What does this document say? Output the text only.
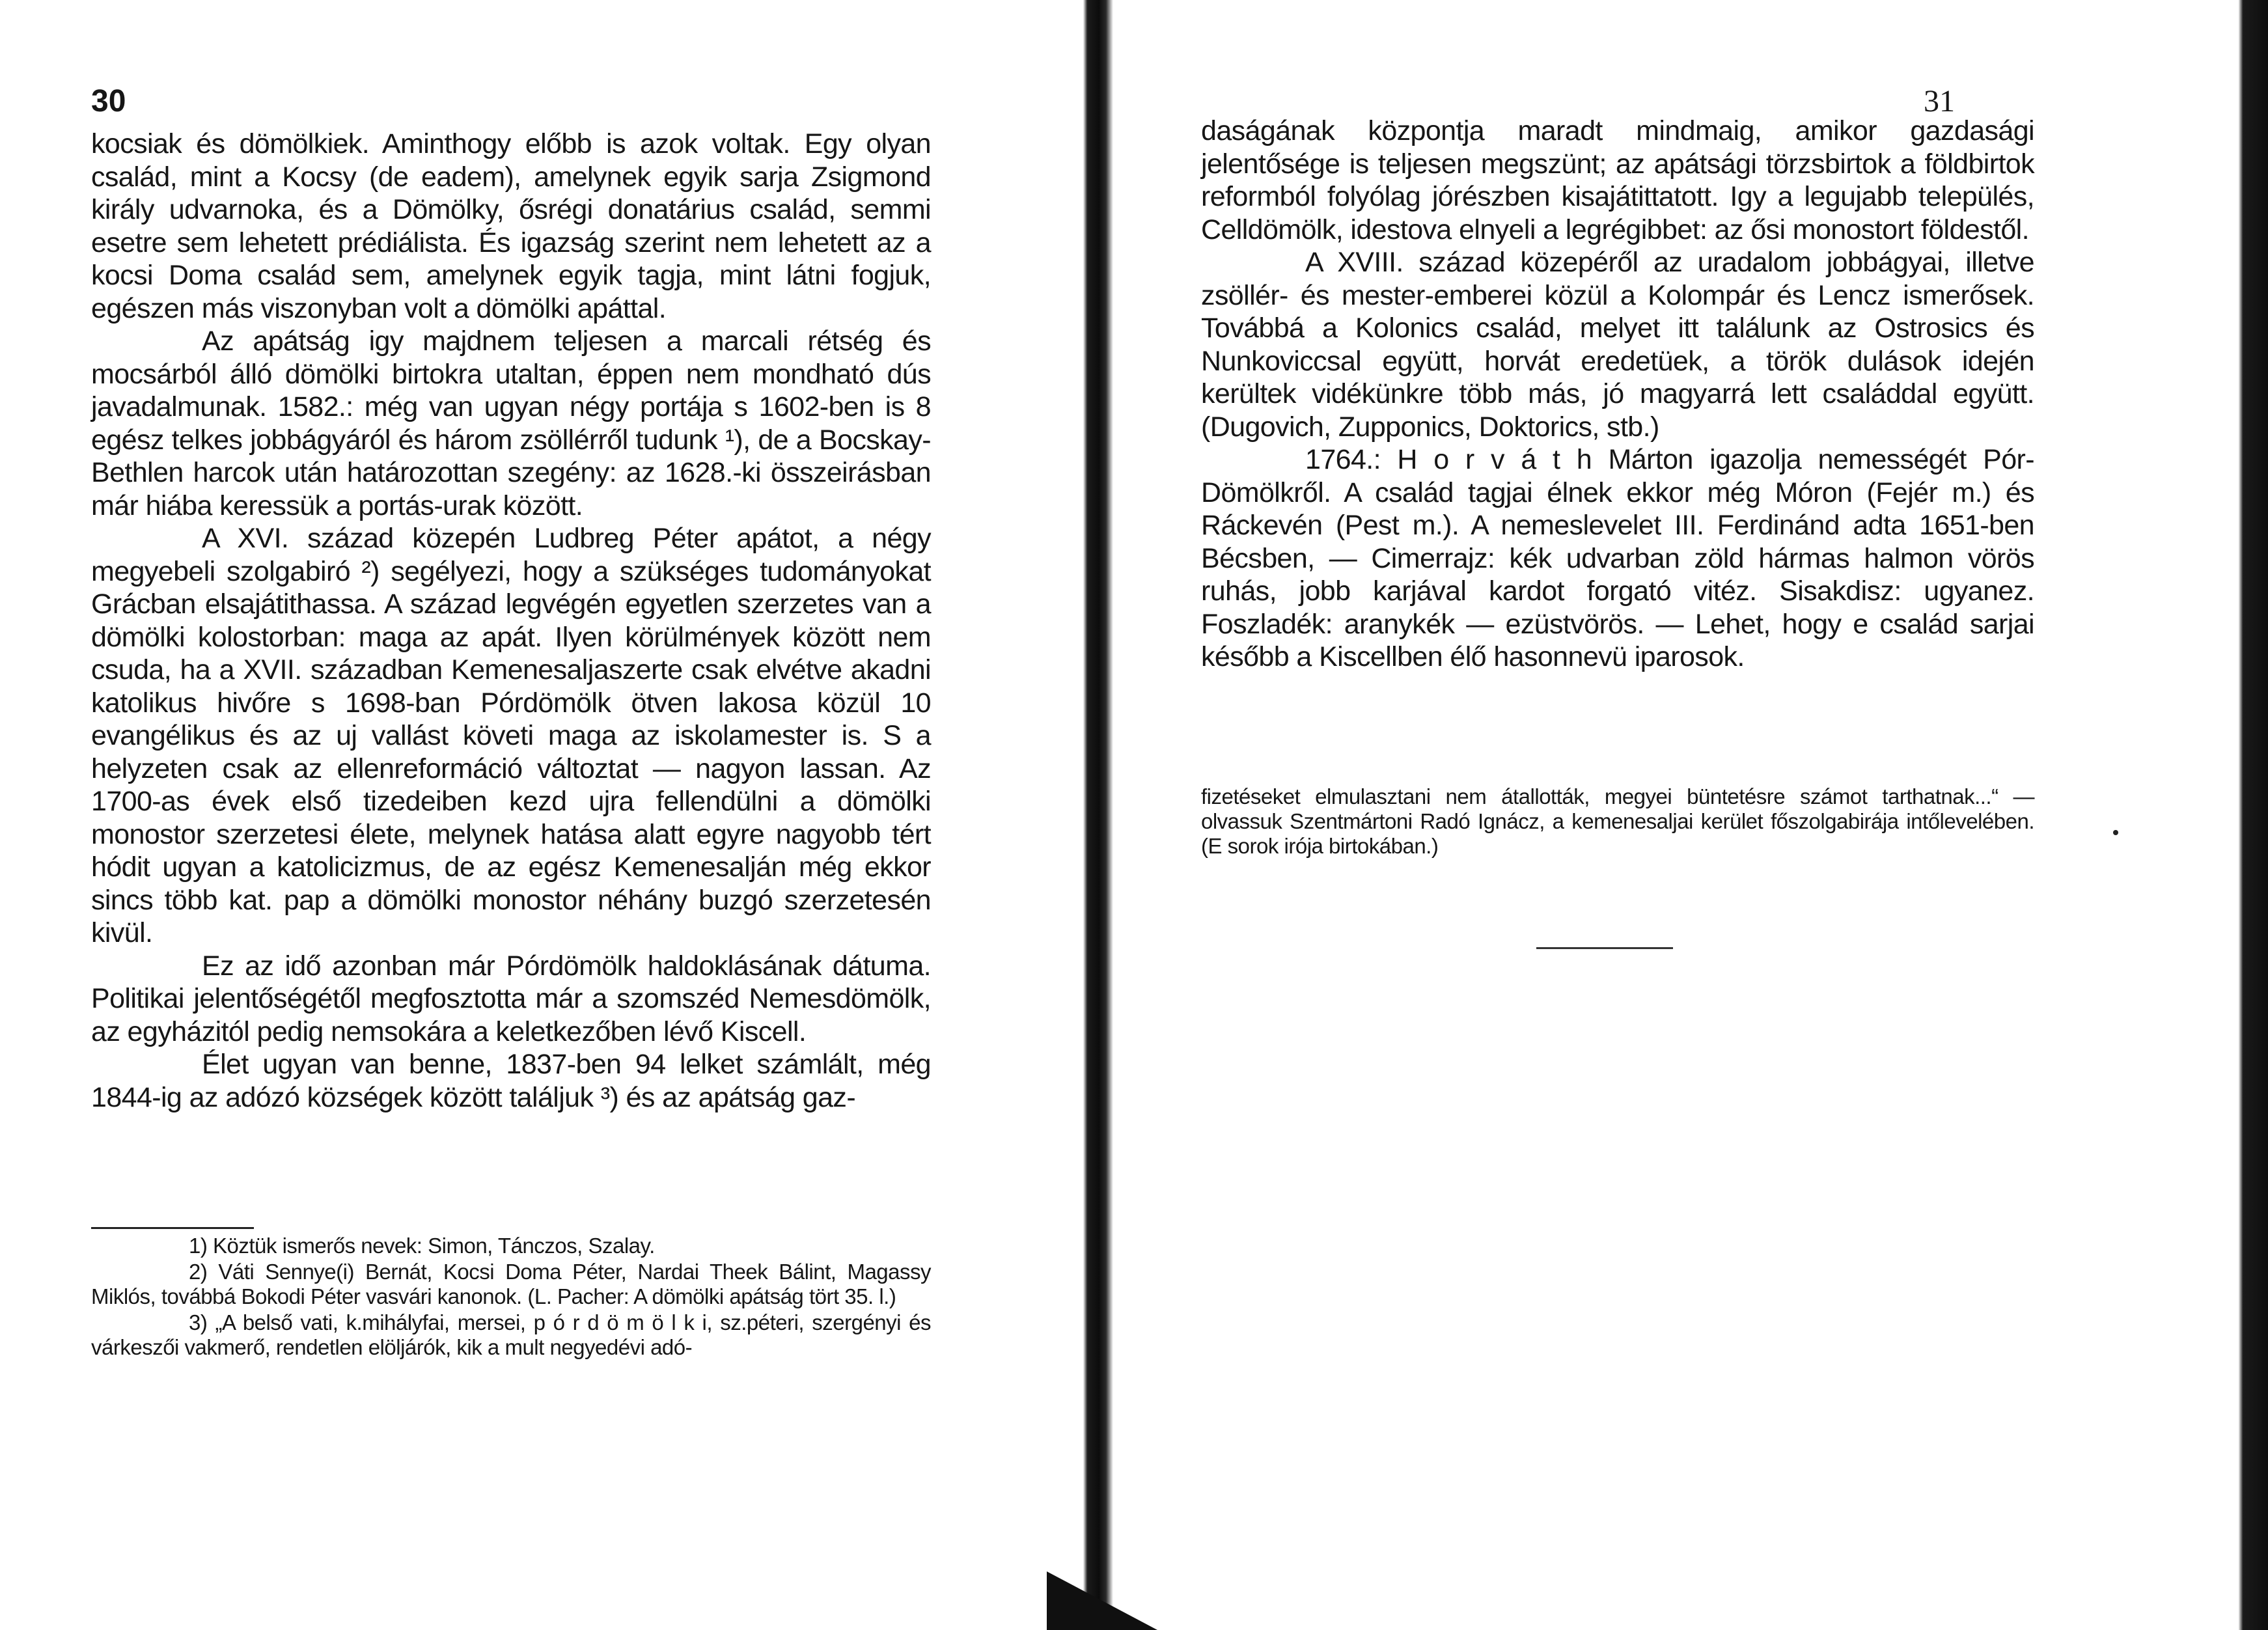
30

kocsiak és dömölkiek. Aminthogy előbb is azok voltak. Egy olyan család, mint a Kocsy (de eadem), amelynek egyik sarja Zsigmond király udvarnoka, és a Dömölky, ősrégi donatárius család, semmi esetre sem lehetett prédiálista. És igazság szerint nem lehetett az a kocsi Doma család sem, amelynek egyik tagja, mint látni fogjuk, egészen más viszonyban volt a dömölki apáttal.

Az apátság igy majdnem teljesen a marcali rétség és mocsárból álló dömölki birtokra utaltan, éppen nem mondható dús javadalmunak. 1582.: még van ugyan négy portája s 1602-ben is 8 egész telkes jobbágyáról és három zsöllérről tudunk ¹), de a Bocskay-Bethlen harcok után határozottan szegény: az 1628.-ki összeirásban már hiába keressük a portás-urak között.

A XVI. század közepén Ludbreg Péter apátot, a négy megyebeli szolgabiró ²) segélyezi, hogy a szükséges tudományokat Grácban elsajátithassa. A század legvégén egyetlen szerzetes van a dömölki kolostorban: maga az apát. Ilyen körülmények között nem csuda, ha a XVII. században Kemenesaljaszerte csak elvétve akadni katolikus hivőre s 1698-ban Pórdömölk ötven lakosa közül 10 evangélikus és az uj vallást követi maga az iskolamester is. S a helyzeten csak az ellenreformáció változtat — nagyon lassan. Az 1700-as évek első tizedeiben kezd ujra fellendülni a dömölki monostor szerzetesi élete, melynek hatása alatt egyre nagyobb tért hódit ugyan a katolicizmus, de az egész Kemenesalján még ekkor sincs több kat. pap a dömölki monostor néhány buzgó szerzetesén kivül.

Ez az idő azonban már Pórdömölk haldoklásának dátuma. Politikai jelentőségétől megfosztotta már a szomszéd Nemesdömölk, az egyházitól pedig nemsokára a keletkezőben lévő Kiscell.

Élet ugyan van benne, 1837-ben 94 lelket számlált, még 1844-ig az adózó községek között találjuk ³) és az apátság gaz-

1) Köztük ismerős nevek: Simon, Tánczos, Szalay.

2) Váti Sennye(i) Bernát, Kocsi Doma Péter, Nardai Theek Bálint, Magassy Miklós, továbbá Bokodi Péter vasvári kanonok. (L. Pacher: A dömölki apátság tört 35. l.)

3) „A belső vati, k.mihályfai, mersei, p ó r d ö m ö l k i, sz.péteri, szergényi és várkeszői vakmerő, rendetlen elöljárók, kik a mult negyedévi adó-

31

daságának központja maradt mindmaig, amikor gazdasági jelentősége is teljesen megszünt; az apátsági törzsbirtok a földbirtok reformból folyólag jórészben kisajátittatott. Igy a legujabb település, Celldömölk, idestova elnyeli a legrégibbet: az ősi monostort földestől.

A XVIII. század közepéről az uradalom jobbágyai, illetve zsöllér- és mester-emberei közül a Kolompár és Lencz ismerősek. Továbbá a Kolonics család, melyet itt találunk az Ostrosics és Nunkoviccsal együtt, horvát eredetüek, a török dulások idején kerültek vidékünkre több más, jó magyarrá lett családdal együtt. (Dugovich, Zupponics, Doktorics, stb.)

1764.: H o r v á t h Márton igazolja nemességét Pór-Dömölkről. A család tagjai élnek ekkor még Móron (Fejér m.) és Ráckevén (Pest m.). A nemeslevelet III. Ferdinánd adta 1651-ben Bécsben, — Cimerrajz: kék udvarban zöld hármas halmon vörös ruhás, jobb karjával kardot forgató vitéz. Sisakdisz: ugyanez. Foszladék: aranykék — ezüstvörös. — Lehet, hogy e család sarjai később a Kiscellben élő hasonnevü iparosok.

fizetéseket elmulasztani nem átallották, megyei büntetésre számot tarthatnak...“ — olvassuk Szentmártoni Radó Ignácz, a kemenesaljai kerület főszolgabirája intőlevelében. (E sorok irója birtokában.)
